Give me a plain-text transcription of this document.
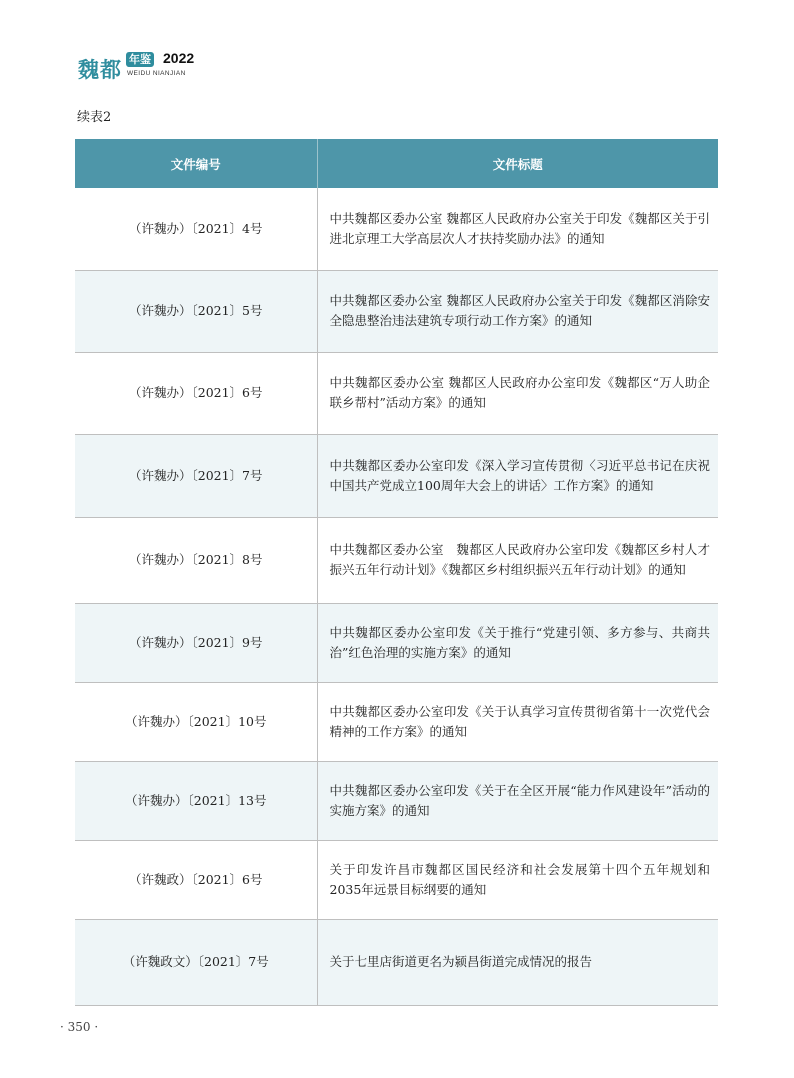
魏都 年鉴 2022
WEIDU NIANJIAN
续表2
文件编号	文件标题
（许魏办）〔2021〕4号	中共魏都区委办公室 魏都区人民政府办公室关于印发《魏都区关于引进北京理工大学高层次人才扶持奖励办法》的通知
（许魏办）〔2021〕5号	中共魏都区委办公室 魏都区人民政府办公室关于印发《魏都区消除安全隐患整治违法建筑专项行动工作方案》的通知
（许魏办）〔2021〕6号	中共魏都区委办公室 魏都区人民政府办公室印发《魏都区“万人助企联乡帮村”活动方案》的通知
（许魏办）〔2021〕7号	中共魏都区委办公室印发《深入学习宣传贯彻〈习近平总书记在庆祝中国共产党成立100周年大会上的讲话〉工作方案》的通知
（许魏办）〔2021〕8号	中共魏都区委办公室　魏都区人民政府办公室印发《魏都区乡村人才振兴五年行动计划》《魏都区乡村组织振兴五年行动计划》的通知
（许魏办）〔2021〕9号	中共魏都区委办公室印发《关于推行“党建引领、多方参与、共商共治”红色治理的实施方案》的通知
（许魏办）〔2021〕10号	中共魏都区委办公室印发《关于认真学习宣传贯彻省第十一次党代会精神的工作方案》的通知
（许魏办）〔2021〕13号	中共魏都区委办公室印发《关于在全区开展“能力作风建设年”活动的实施方案》的通知
（许魏政）〔2021〕6号	关于印发许昌市魏都区国民经济和社会发展第十四个五年规划和2035年远景目标纲要的通知
（许魏政文）〔2021〕7号	关于七里店街道更名为颍昌街道完成情况的报告
· 350 ·
